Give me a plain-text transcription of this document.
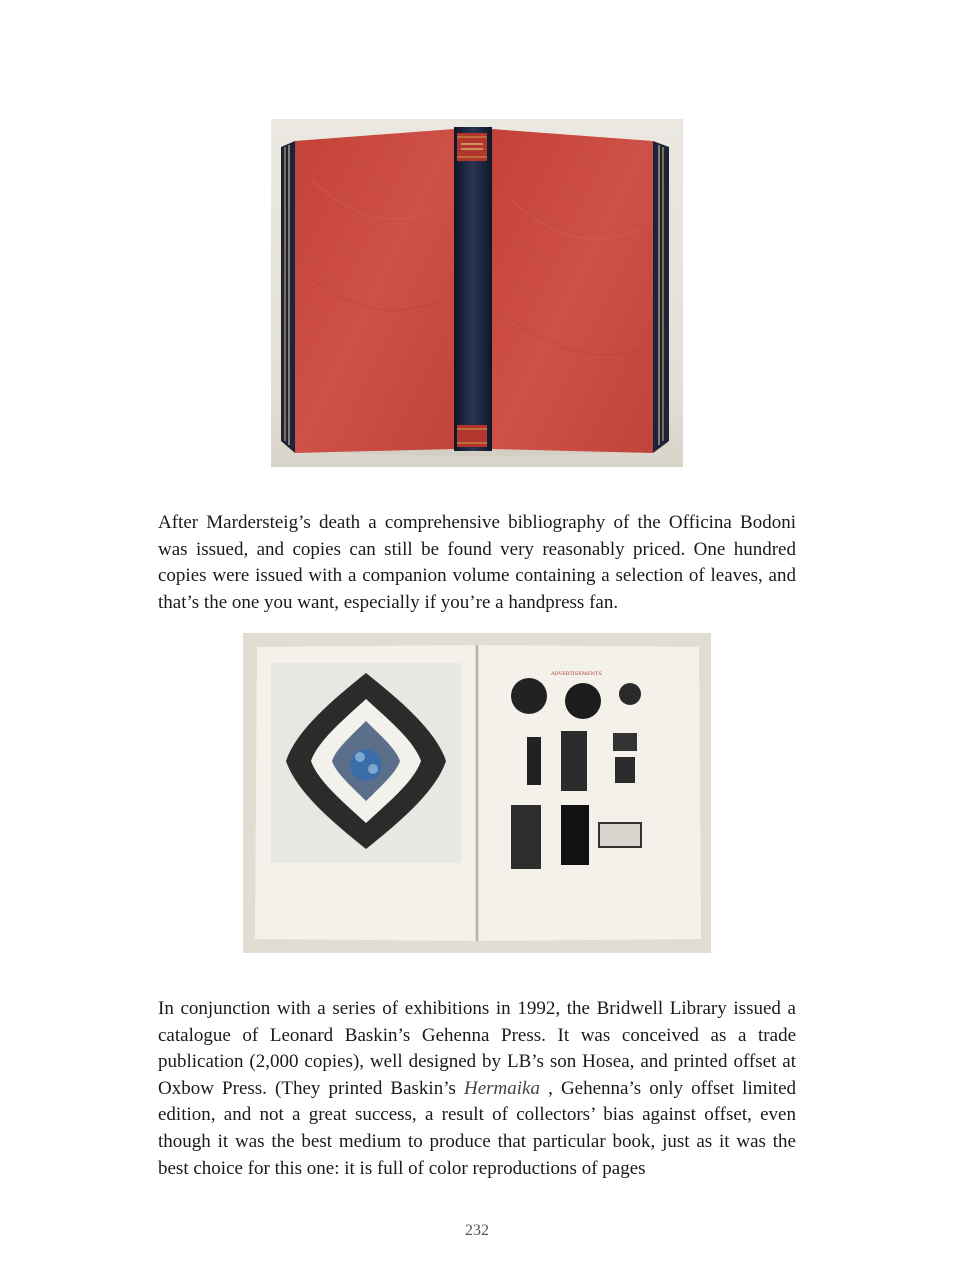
After Mardersteig’s death a comprehensive bibliography of the Officina Bodoni was issued, and copies can still be found very reasonably priced. One hundred copies were issued with a companion volume containing a selection of leaves, and that’s the one you want, especially if you’re a handpress fan.

ADVERTISEMENTS

In conjunction with a series of exhibitions in 1992, the Bridwell Library issued a catalogue of Leonard Baskin’s Gehenna Press. It was conceived as a trade publication (2,000 copies), well designed by LB’s son Hosea, and printed offset at Oxbow Press. (They printed Baskin’s Hermaika , Gehenna’s only offset limited edition, and not a great success, a result of collectors’ bias against offset, even though it was the best medium to produce that particular book, just as it was the best choice for this one: it is full of color reproductions of pages

232
